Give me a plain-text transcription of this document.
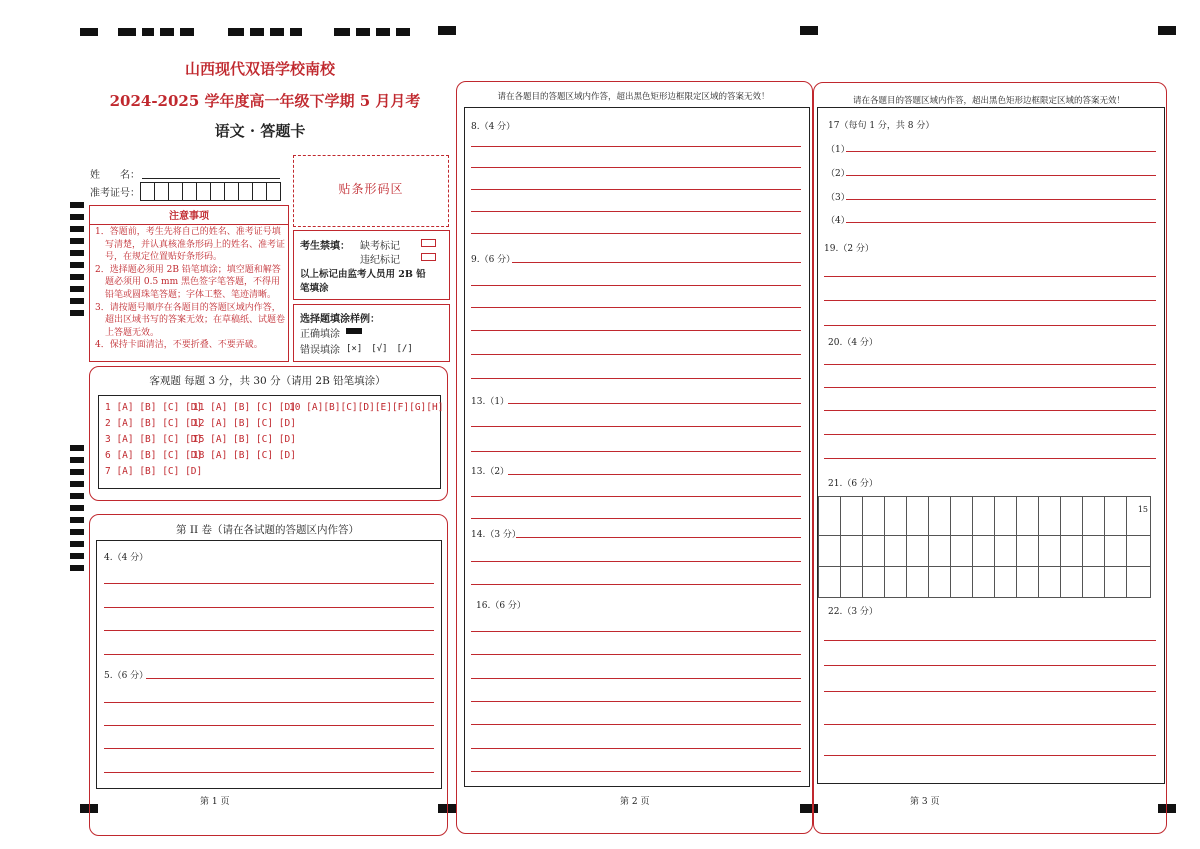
山西现代双语学校南校
2024-2025 学年度高一年级下学期 5 月月考
语文 · 答题卡
姓　　名：
准考证号：	贴条形码区
注意事项
1．答题前，考生先将自己的姓名、准考证号填写清楚，并认真核准条形码上的姓名、准考证号，在规定位置贴好条形码。
2．选择题必须用 2B 铅笔填涂；填空题和解答题必须用 0.5 mm 黑色签字笔答题，不得用铅笔或圆珠笔答题；字体工整、笔迹清晰。
3．请按题号顺序在各题目的答题区域内作答，超出区域书写的答案无效；在草稿纸、试题卷上答题无效。
4．保持卡面清洁，不要折叠、不要弄破。
考生禁填： 缺考标记
违纪标记
以上标记由监考人员用 2B 铅
笔填涂
选择题填涂样例：
正确填涂
错误填涂 [×]　[√]　[/]
客观题 每题 3 分，共 30 分（请用 2B 铅笔填涂）
1 [A] [B] [C] [D]
11 [A] [B] [C] [D]
10 [A][B][C][D][E][F][G][H]
2 [A] [B] [C] [D]
12 [A] [B] [C] [D]
3 [A] [B] [C] [D]
I5 [A] [B] [C] [D]
6 [A] [B] [C] [D]
18 [A] [B] [C] [D]
7 [A] [B] [C] [D]
第 II 卷（请在各试题的答题区内作答）
4.（4 分）
5.（6 分）
第 1 页
请在各题目的答题区域内作答，超出黑色矩形边框限定区域的答案无效！
8.（4 分）
9.（6 分）
13.（1）
13.（2）
14.（3 分）
16.（6 分）
第 2 页
请在各题目的答题区域内作答，超出黑色矩形边框限定区域的答案无效！
17（每句 1 分，共 8 分）
（1）
（2）
（3）
（4）
19.（2 分）
20.（4 分）
21.（6 分）
														15

22.（3 分）
第 3 页
